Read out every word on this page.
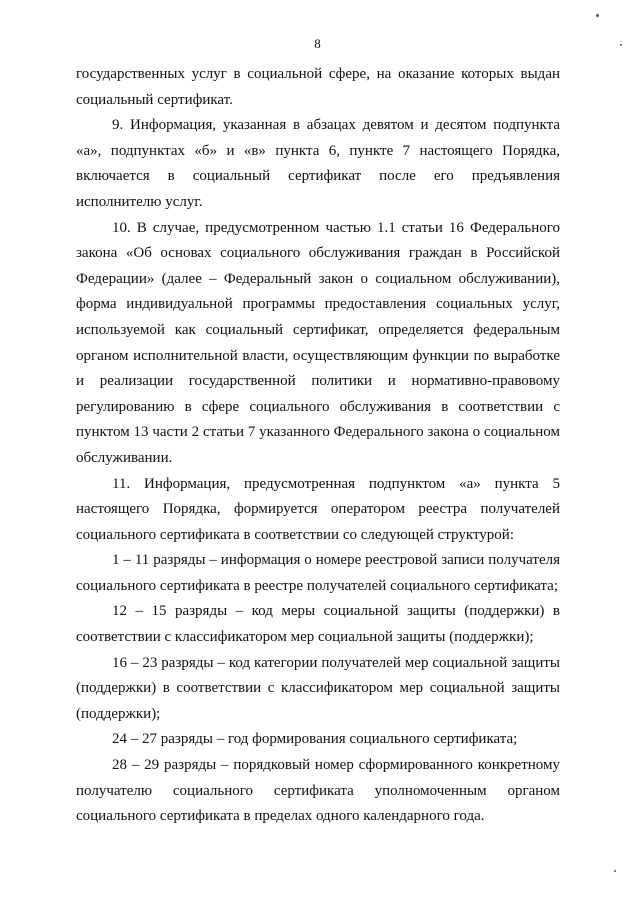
8

государственных услуг в социальной сфере, на оказание которых выдан социальный сертификат.

9. Информация, указанная в абзацах девятом и десятом подпункта «а», подпунктах «б» и «в» пункта 6, пункте 7 настоящего Порядка, включается в социальный сертификат после его предъявления исполнителю услуг.

10. В случае, предусмотренном частью 1.1 статьи 16 Федерального закона «Об основах социального обслуживания граждан в Российской Федерации» (далее – Федеральный закон о социальном обслуживании), форма индивидуальной программы предоставления социальных услуг, используемой как социальный сертификат, определяется федеральным органом исполнительной власти, осуществляющим функции по выработке и реализации государственной политики и нормативно-правовому регулированию в сфере социального обслуживания в соответствии с пунктом 13 части 2 статьи 7 указанного Федерального закона о социальном обслуживании.

11. Информация, предусмотренная подпунктом «а» пункта 5 настоящего Порядка, формируется оператором реестра получателей социального сертификата в соответствии со следующей структурой:

1 – 11 разряды – информация о номере реестровой записи получателя социального сертификата в реестре получателей социального сертификата;

12 – 15 разряды – код меры социальной защиты (поддержки) в соответствии с классификатором мер социальной защиты (поддержки);

16 – 23 разряды – код категории получателей мер социальной защиты (поддержки) в соответствии с классификатором мер социальной защиты (поддержки);

24 – 27 разряды – год формирования социального сертификата;

28 – 29 разряды – порядковый номер сформированного конкретному получателю социального сертификата уполномоченным органом социального сертификата в пределах одного календарного года.
